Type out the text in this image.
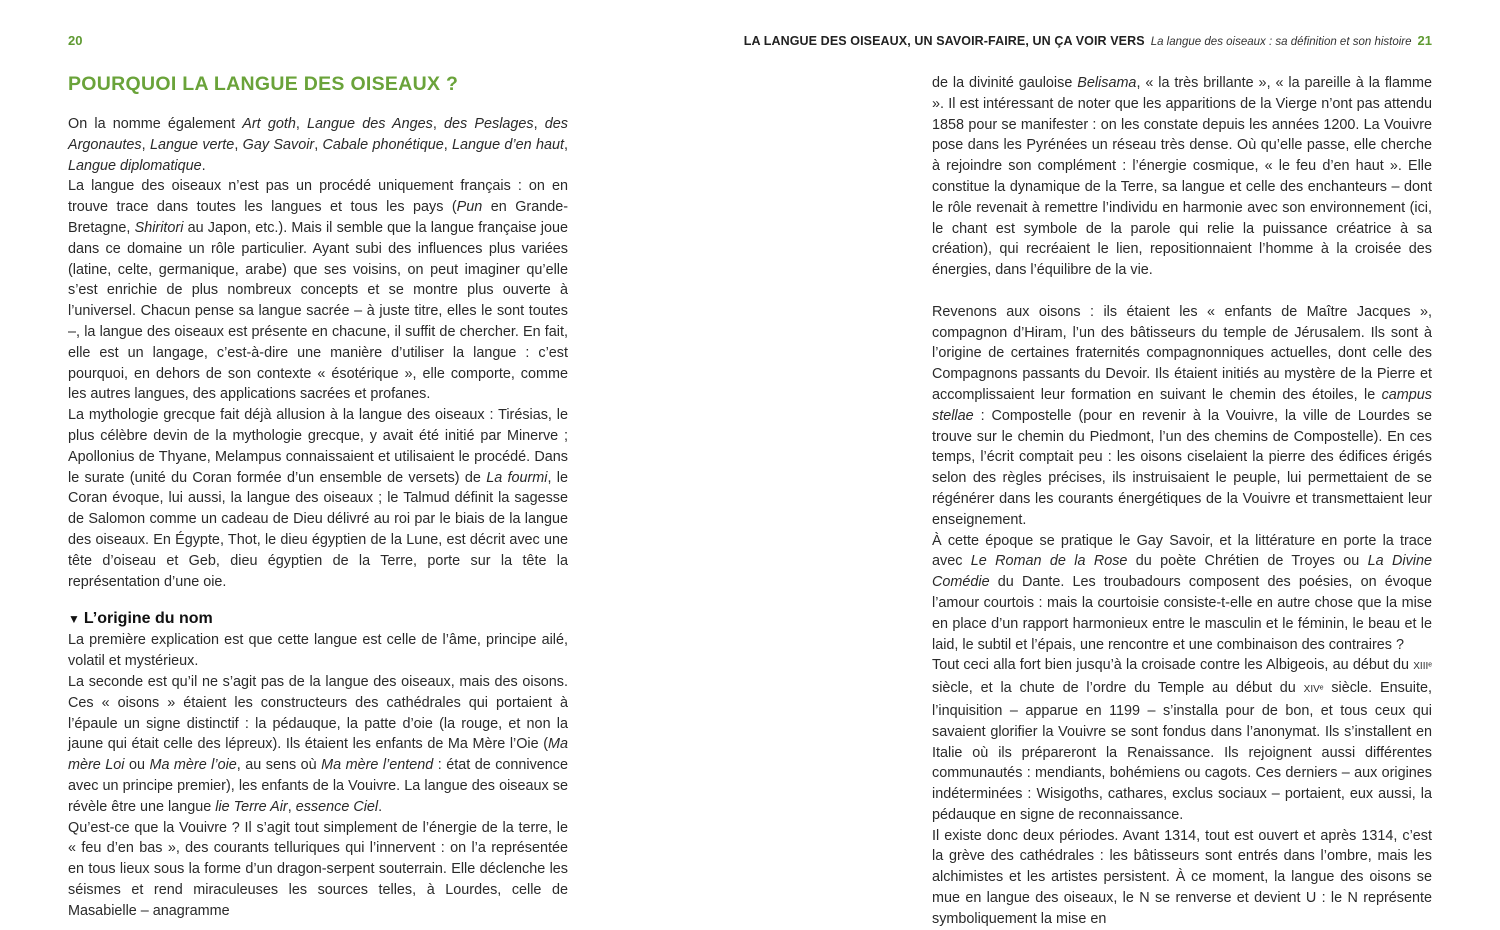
20
POURQUOI LA LANGUE DES OISEAUX ?

On la nomme également Art goth, Langue des Anges, des Peslages, des Argonautes, Langue verte, Gay Savoir, Cabale phonétique, Langue d’en haut, Langue diplomatique.

La langue des oiseaux n’est pas un procédé uniquement français : on en trouve trace dans toutes les langues et tous les pays (Pun en Grande-Bretagne, Shiritori au Japon, etc.). Mais il semble que la langue française joue dans ce domaine un rôle particulier. Ayant subi des influences plus variées (latine, celte, germanique, arabe) que ses voisins, on peut imaginer qu’elle s’est enrichie de plus nombreux concepts et se montre plus ouverte à l’universel. Chacun pense sa langue sacrée – à juste titre, elles le sont toutes –, la langue des oiseaux est présente en chacune, il suffit de chercher. En fait, elle est un langage, c’est-à-dire une manière d’utiliser la langue : c’est pourquoi, en dehors de son contexte « ésotérique », elle comporte, comme les autres langues, des applications sacrées et profanes.

La mythologie grecque fait déjà allusion à la langue des oiseaux : Tirésias, le plus célèbre devin de la mythologie grecque, y avait été initié par Minerve ; Apollonius de Thyane, Melampus connaissaient et utilisaient le procédé. Dans le surate (unité du Coran formée d’un ensemble de versets) de La fourmi, le Coran évoque, lui aussi, la langue des oiseaux ; le Talmud définit la sagesse de Salomon comme un cadeau de Dieu délivré au roi par le biais de la langue des oiseaux. En Égypte, Thot, le dieu égyptien de la Lune, est décrit avec une tête d’oiseau et Geb, dieu égyptien de la Terre, porte sur la tête la représentation d’une oie.

▼ L’origine du nom

La première explication est que cette langue est celle de l’âme, principe ailé, volatil et mystérieux.

La seconde est qu’il ne s’agit pas de la langue des oiseaux, mais des oisons. Ces « oisons » étaient les constructeurs des cathédrales qui portaient à l’épaule un signe distinctif : la pédauque, la patte d’oie (la rouge, et non la jaune qui était celle des lépreux). Ils étaient les enfants de Ma Mère l’Oie (Ma mère Loi ou Ma mère l’oie, au sens où Ma mère l’entend : état de connivence avec un principe premier), les enfants de la Vouivre. La langue des oiseaux se révèle être une langue lie Terre Air, essence Ciel.

Qu’est-ce que la Vouivre ? Il s’agit tout simplement de l’énergie de la terre, le « feu d’en bas », des courants telluriques qui l’innervent : on l’a représentée en tous lieux sous la forme d’un dragon-serpent souterrain. Elle déclenche les séismes et rend miraculeuses les sources telles, à Lourdes, celle de Masabielle – anagramme

LA LANGUE DES OISEAUX, UN SAVOIR-FAIRE, UN ÇA VOIR VERS La langue des oiseaux : sa définition et son histoire 21

de la divinité gauloise Belisama, « la très brillante », « la pareille à la flamme ». Il est intéressant de noter que les apparitions de la Vierge n’ont pas attendu 1858 pour se manifester : on les constate depuis les années 1200. La Vouivre pose dans les Pyrénées un réseau très dense. Où qu’elle passe, elle cherche à rejoindre son complément : l’énergie cosmique, « le feu d’en haut ». Elle constitue la dynamique de la Terre, sa langue et celle des enchanteurs – dont le rôle revenait à remettre l’individu en harmonie avec son environnement (ici, le chant est symbole de la parole qui relie la puissance créatrice à sa création), qui recréaient le lien, repositionnaient l’homme à la croisée des énergies, dans l’équilibre de la vie.

Revenons aux oisons : ils étaient les « enfants de Maître Jacques », compagnon d’Hiram, l’un des bâtisseurs du temple de Jérusalem. Ils sont à l’origine de certaines fraternités compagnonniques actuelles, dont celle des Compagnons passants du Devoir. Ils étaient initiés au mystère de la Pierre et accomplissaient leur formation en suivant le chemin des étoiles, le campus stellae : Compostelle (pour en revenir à la Vouivre, la ville de Lourdes se trouve sur le chemin du Piedmont, l’un des chemins de Compostelle). En ces temps, l’écrit comptait peu : les oisons ciselaient la pierre des édifices érigés selon des règles précises, ils instruisaient le peuple, lui permettaient de se régénérer dans les courants énergétiques de la Vouivre et transmettaient leur enseignement.

À cette époque se pratique le Gay Savoir, et la littérature en porte la trace avec Le Roman de la Rose du poète Chrétien de Troyes ou La Divine Comédie du Dante. Les troubadours composent des poésies, on évoque l’amour courtois : mais la courtoisie consiste-t-elle en autre chose que la mise en place d’un rapport harmonieux entre le masculin et le féminin, le beau et le laid, le subtil et l’épais, une rencontre et une combinaison des contraires ?

Tout ceci alla fort bien jusqu’à la croisade contre les Albigeois, au début du XIIIᵉ siècle, et la chute de l’ordre du Temple au début du XIVᵉ siècle. Ensuite, l’inquisition – apparue en 1199 – s’installa pour de bon, et tous ceux qui savaient glorifier la Vouivre se sont fondus dans l’anonymat. Ils s’installent en Italie où ils prépareront la Renaissance. Ils rejoignent aussi différentes communautés : mendiants, bohémiens ou cagots. Ces derniers – aux origines indéterminées : Wisigoths, cathares, exclus sociaux – portaient, eux aussi, la pédauque en signe de reconnaissance.

Il existe donc deux périodes. Avant 1314, tout est ouvert et après 1314, c’est la grève des cathédrales : les bâtisseurs sont entrés dans l’ombre, mais les alchimistes et les artistes persistent. À ce moment, la langue des oisons se mue en langue des oiseaux, le N se renverse et devient U : le N représente symboliquement la mise en
